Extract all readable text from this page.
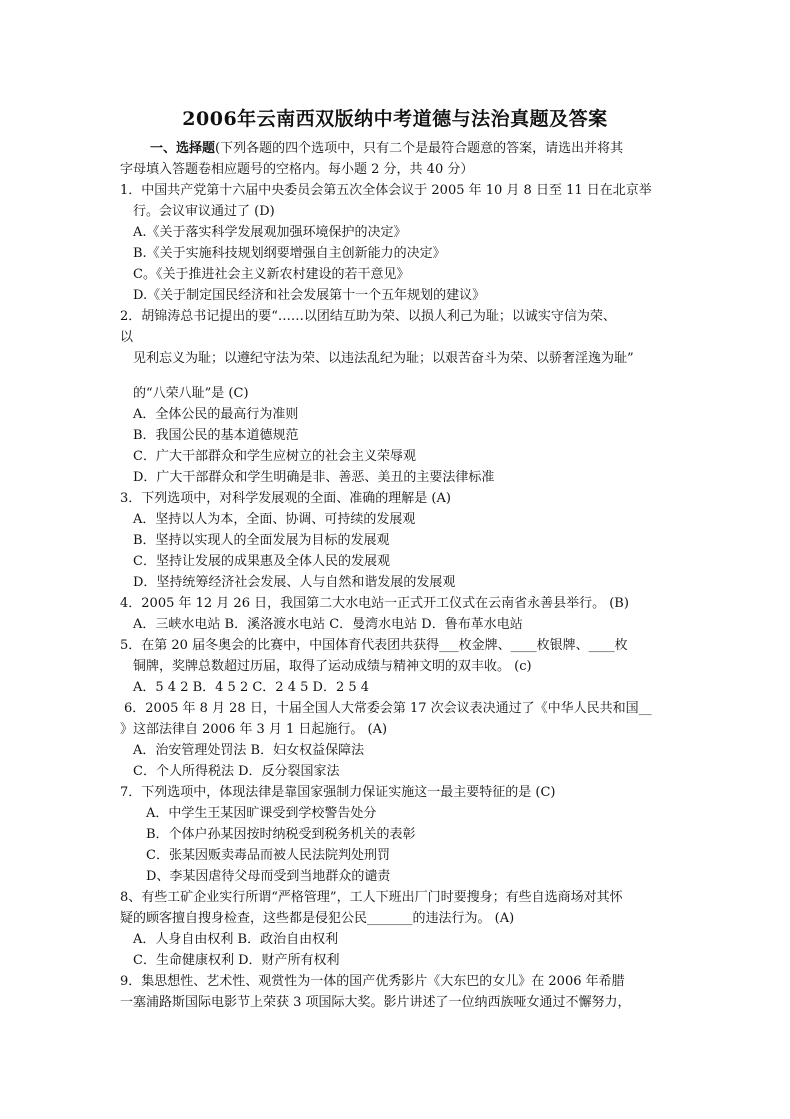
2006年云南西双版纳中考道德与法治真题及答案
一、选择题(下列各题的四个选项中，只有二个是最符合题意的答案，请选出并将其
字母填入答题卷相应题号的空格内。每小题 2 分，共 40 分）
1．中国共产党第十六届中央委员会第五次全体会议于 2005 年 10 月 8 日至 11 日在北京举
行。会议审议通过了 (D)
A.《关于落实科学发展观加强环境保护的决定》
B.《关于实施科技规划纲要增强自主创新能力的决定》
C。《关于推进社会主义新农村建设的若干意见》
D.《关于制定国民经济和社会发展第十一个五年规划的建议》
2．胡锦涛总书记提出的要“……以团结互助为荣、以损人利己为耻；以诚实守信为荣、
以
见利忘义为耻；以遵纪守法为荣、以违法乱纪为耻；以艰苦奋斗为荣、以骄奢淫逸为耻”
的“八荣八耻”是 (C)
A．全体公民的最高行为准则
B．我国公民的基本道德规范
C．广大干部群众和学生应树立的社会主义荣辱观
D．广大干部群众和学生明确是非、善恶、美丑的主要法律标准
3．下列选项中，对科学发展观的全面、准确的理解是 (A)
A．坚持以人为本，全面、协调、可持续的发展观
B．坚持以实现人的全面发展为目标的发展观
C．坚持让发展的成果惠及全体人民的发展观
D．坚持统筹经济社会发展、人与自然和谐发展的发展观
4．2005 年 12 月 26 日，我国第二大水电站一正式开工仪式在云南省永善县举行。 (B)
A．三峡水电站 B．溪洛渡水电站 C．曼湾水电站 D．鲁布革水电站
5．在第 20 届冬奥会的比赛中，中国体育代表团共获得___枚金牌、____枚银牌、____枚
铜牌，奖牌总数超过历届，取得了运动成绩与精神文明的双丰收。 (c)
A．5 4 2 B．4 5 2 C．2 4 5 D．2 5 4
6．2005 年 8 月 28 日，十届全国人大常委会第 17 次会议表决通过了《中华人民共和国__
》这部法律自 2006 年 3 月 1 日起施行。 (A)
A．治安管理处罚法 B．妇女权益保障法
C．个人所得税法 D．反分裂国家法
7．下列选项中，体现法律是靠国家强制力保证实施这一最主要特征的是 (C)
A．中学生王某因旷课受到学校警告处分
B．个体户孙某因按时纳税受到税务机关的表彰
C．张某因贩卖毒品而被人民法院判处刑罚
D、李某因虐待父母而受到当地群众的谴责
8、有些工矿企业实行所谓“严格管理”，工人下班出厂门时要搜身；有些自选商场对其怀
疑的顾客擅自搜身检查，这些都是侵犯公民_______的违法行为。 (A)
A．人身自由权利 B．政治自由权利
C．生命健康权利 D．财产所有权利
9．集思想性、艺术性、观赏性为一体的国产优秀影片《大东巴的女儿》在 2006 年希腊
一塞浦路斯国际电影节上荣获 3 项国际大奖。影片讲述了一位纳西族哑女通过不懈努力，
